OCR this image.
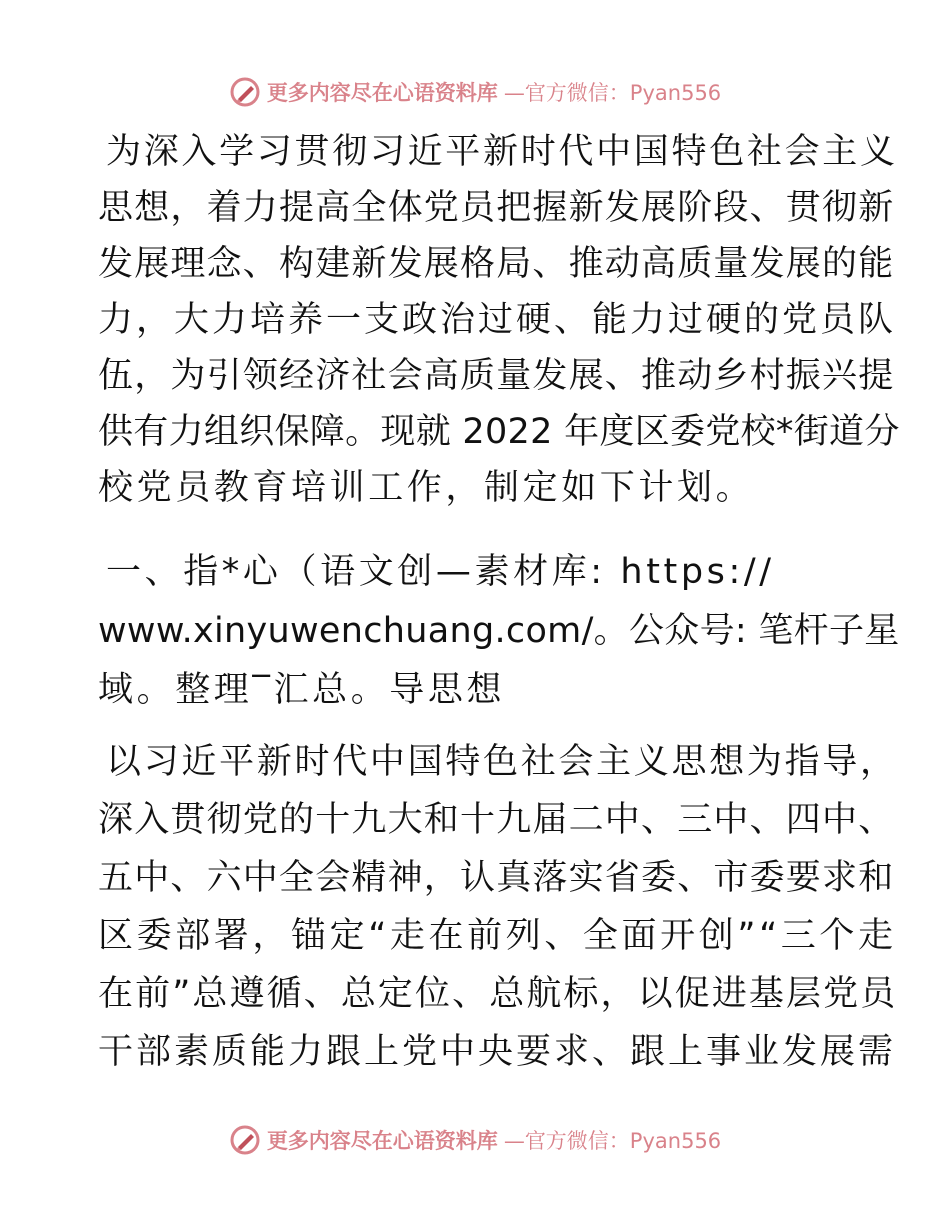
更多内容尽在心语资料库 —官方微信：Pyan556
为深入学习贯彻习近平新时代中国特色社会主义
思想，着力提高全体党员把握新发展阶段、贯彻新
发展理念、构建新发展格局、推动高质量发展的能
力，大力培养一支政治过硬、能力过硬的党员队
伍，为引领经济社会高质量发展、推动乡村振兴提
供有力组织保障。现就 2022 年度区委党校*街道分
校党员教育培训工作，制定如下计划。
一、指*心（语文创—素材库: https://
www.xinyuwenchuang.com/。公众号: 笔杆子星
域。整理‾汇总。导思想
以习近平新时代中国特色社会主义思想为指导，
深入贯彻党的十九大和十九届二中、三中、四中、
五中、六中全会精神，认真落实省委、市委要求和
区委部署，锚定“走在前列、全面开创”“三个走
在前”总遵循、总定位、总航标，以促进基层党员
干部素质能力跟上党中央要求、跟上事业发展需
更多内容尽在心语资料库 —官方微信：Pyan556
